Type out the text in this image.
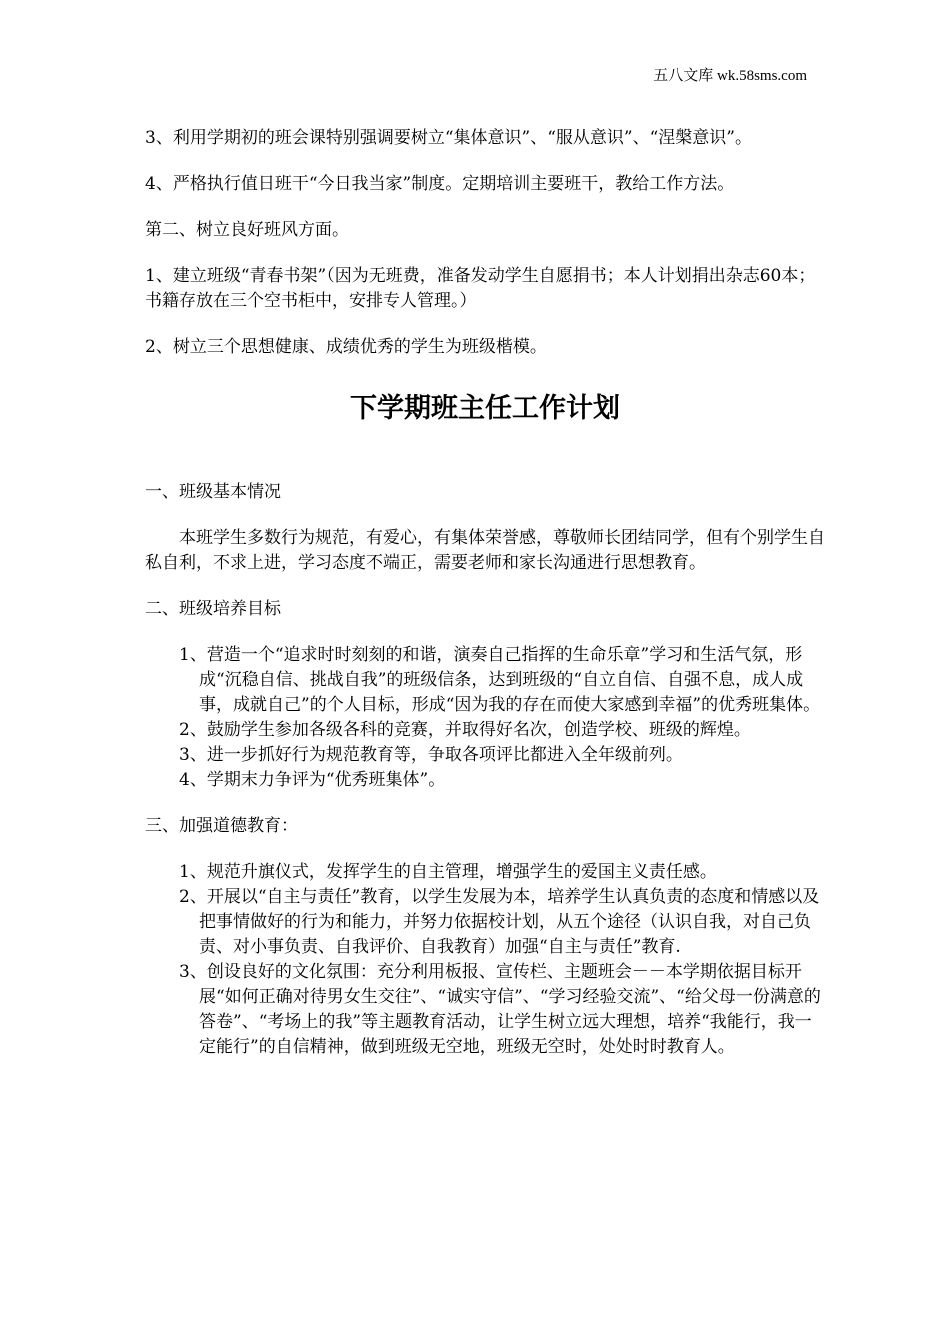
五八文库 wk.58sms.com

3、利用学期初的班会课特别强调要树立“集体意识”、“服从意识”、“涅槃意识”。

4、严格执行值日班干“今日我当家”制度。定期培训主要班干，教给工作方法。

第二、树立良好班风方面。

1、建立班级“青春书架”（因为无班费，准备发动学生自愿捐书；本人计划捐出杂志60本；书籍存放在三个空书柜中，安排专人管理。）

2、树立三个思想健康、成绩优秀的学生为班级楷模。

下学期班主任工作计划

一、班级基本情况

本班学生多数行为规范，有爱心，有集体荣誉感，尊敬师长团结同学，但有个别学生自私自利，不求上进，学习态度不端正，需要老师和家长沟通进行思想教育。

二、班级培养目标

1、营造一个“追求时时刻刻的和谐，演奏自己指挥的生命乐章”学习和生活气氛，形成“沉稳自信、挑战自我”的班级信条，达到班级的“自立自信、自强不息，成人成事，成就自己”的个人目标，形成“因为我的存在而使大家感到幸福”的优秀班集体。
2、鼓励学生参加各级各科的竞赛，并取得好名次，创造学校、班级的辉煌。
3、进一步抓好行为规范教育等，争取各项评比都进入全年级前列。
4、学期末力争评为“优秀班集体”。

三、加强道德教育：

1、规范升旗仪式，发挥学生的自主管理，增强学生的爱国主义责任感。
2、开展以“自主与责任”教育，以学生发展为本，培养学生认真负责的态度和情感以及把事情做好的行为和能力，并努力依据校计划，从五个途径（认识自我，对自己负责、对小事负责、自我评价、自我教育）加强“自主与责任”教育.
3、创设良好的文化氛围：充分利用板报、宣传栏、主题班会－－本学期依据目标开展“如何正确对待男女生交往”、“诚实守信”、“学习经验交流”、“给父母一份满意的答卷”、“考场上的我”等主题教育活动，让学生树立远大理想，培养“我能行，我一定能行”的自信精神，做到班级无空地，班级无空时，处处时时教育人。
